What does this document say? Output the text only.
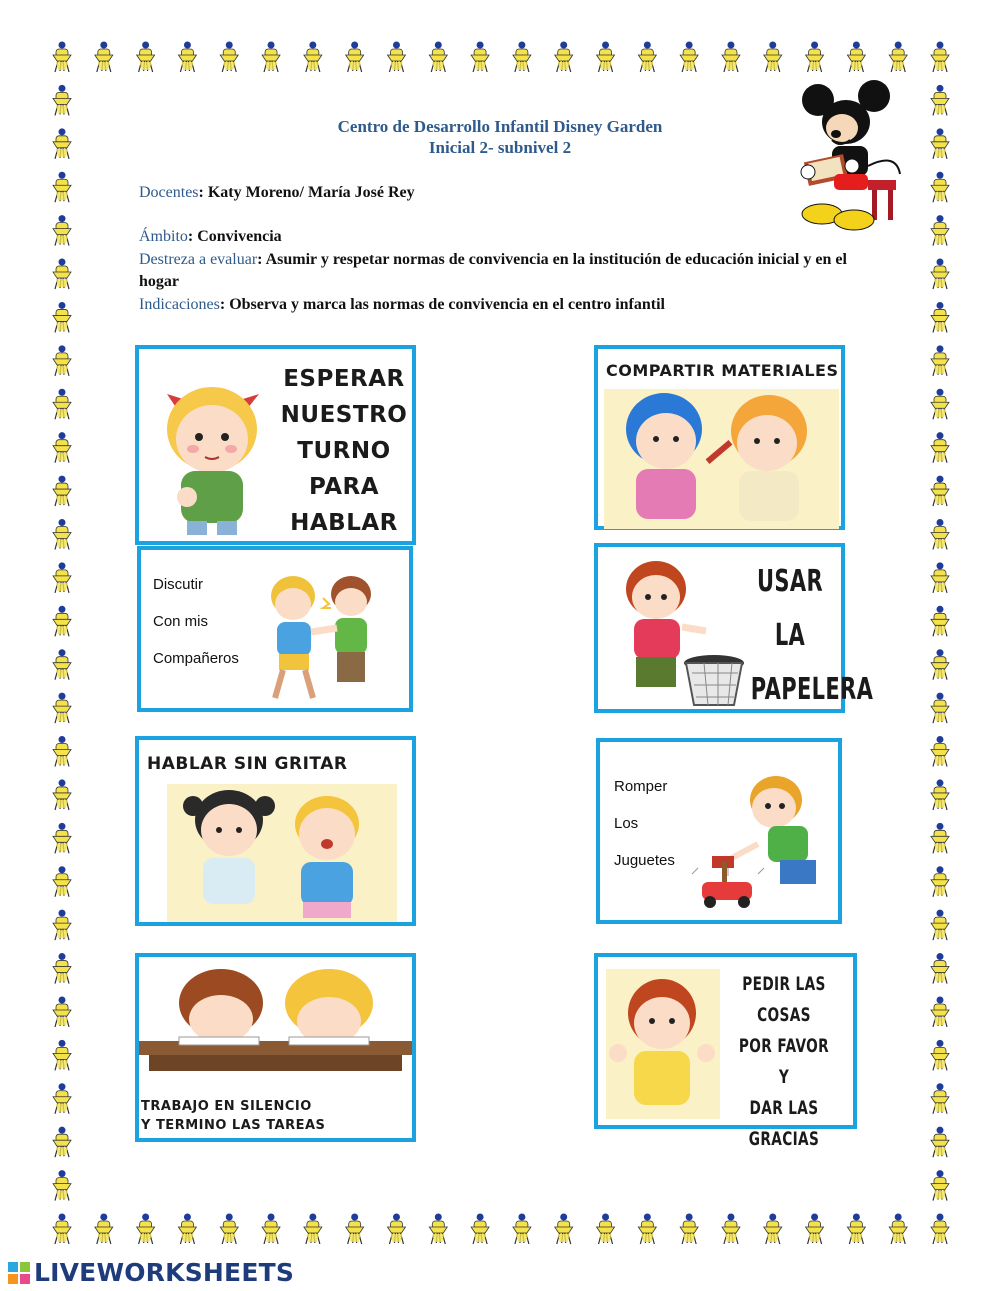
Centro de Desarrollo Infantil Disney Garden
Inicial 2- subnivel 2
Docentes: Katy Moreno/ María José Rey
Ámbito: Convivencia
Destreza a evaluar: Asumir y respetar normas de convivencia en la institución de educación inicial y en el hogar
Indicaciones: Observa y marca las normas de convivencia en el centro infantil
ESPERAR
NUESTRO
TURNO
PARA
HABLAR
COMPARTIR MATERIALES
Discutir
Con mis
Compañeros
USAR
LA
PAPELERA
HABLAR SIN GRITAR
Romper
Los
Juguetes
TRABAJO EN SILENCIO
Y TERMINO LAS TAREAS
PEDIR LAS COSAS
POR FAVOR
Y
DAR LAS
GRACIAS
LIVEWORKSHEETS
